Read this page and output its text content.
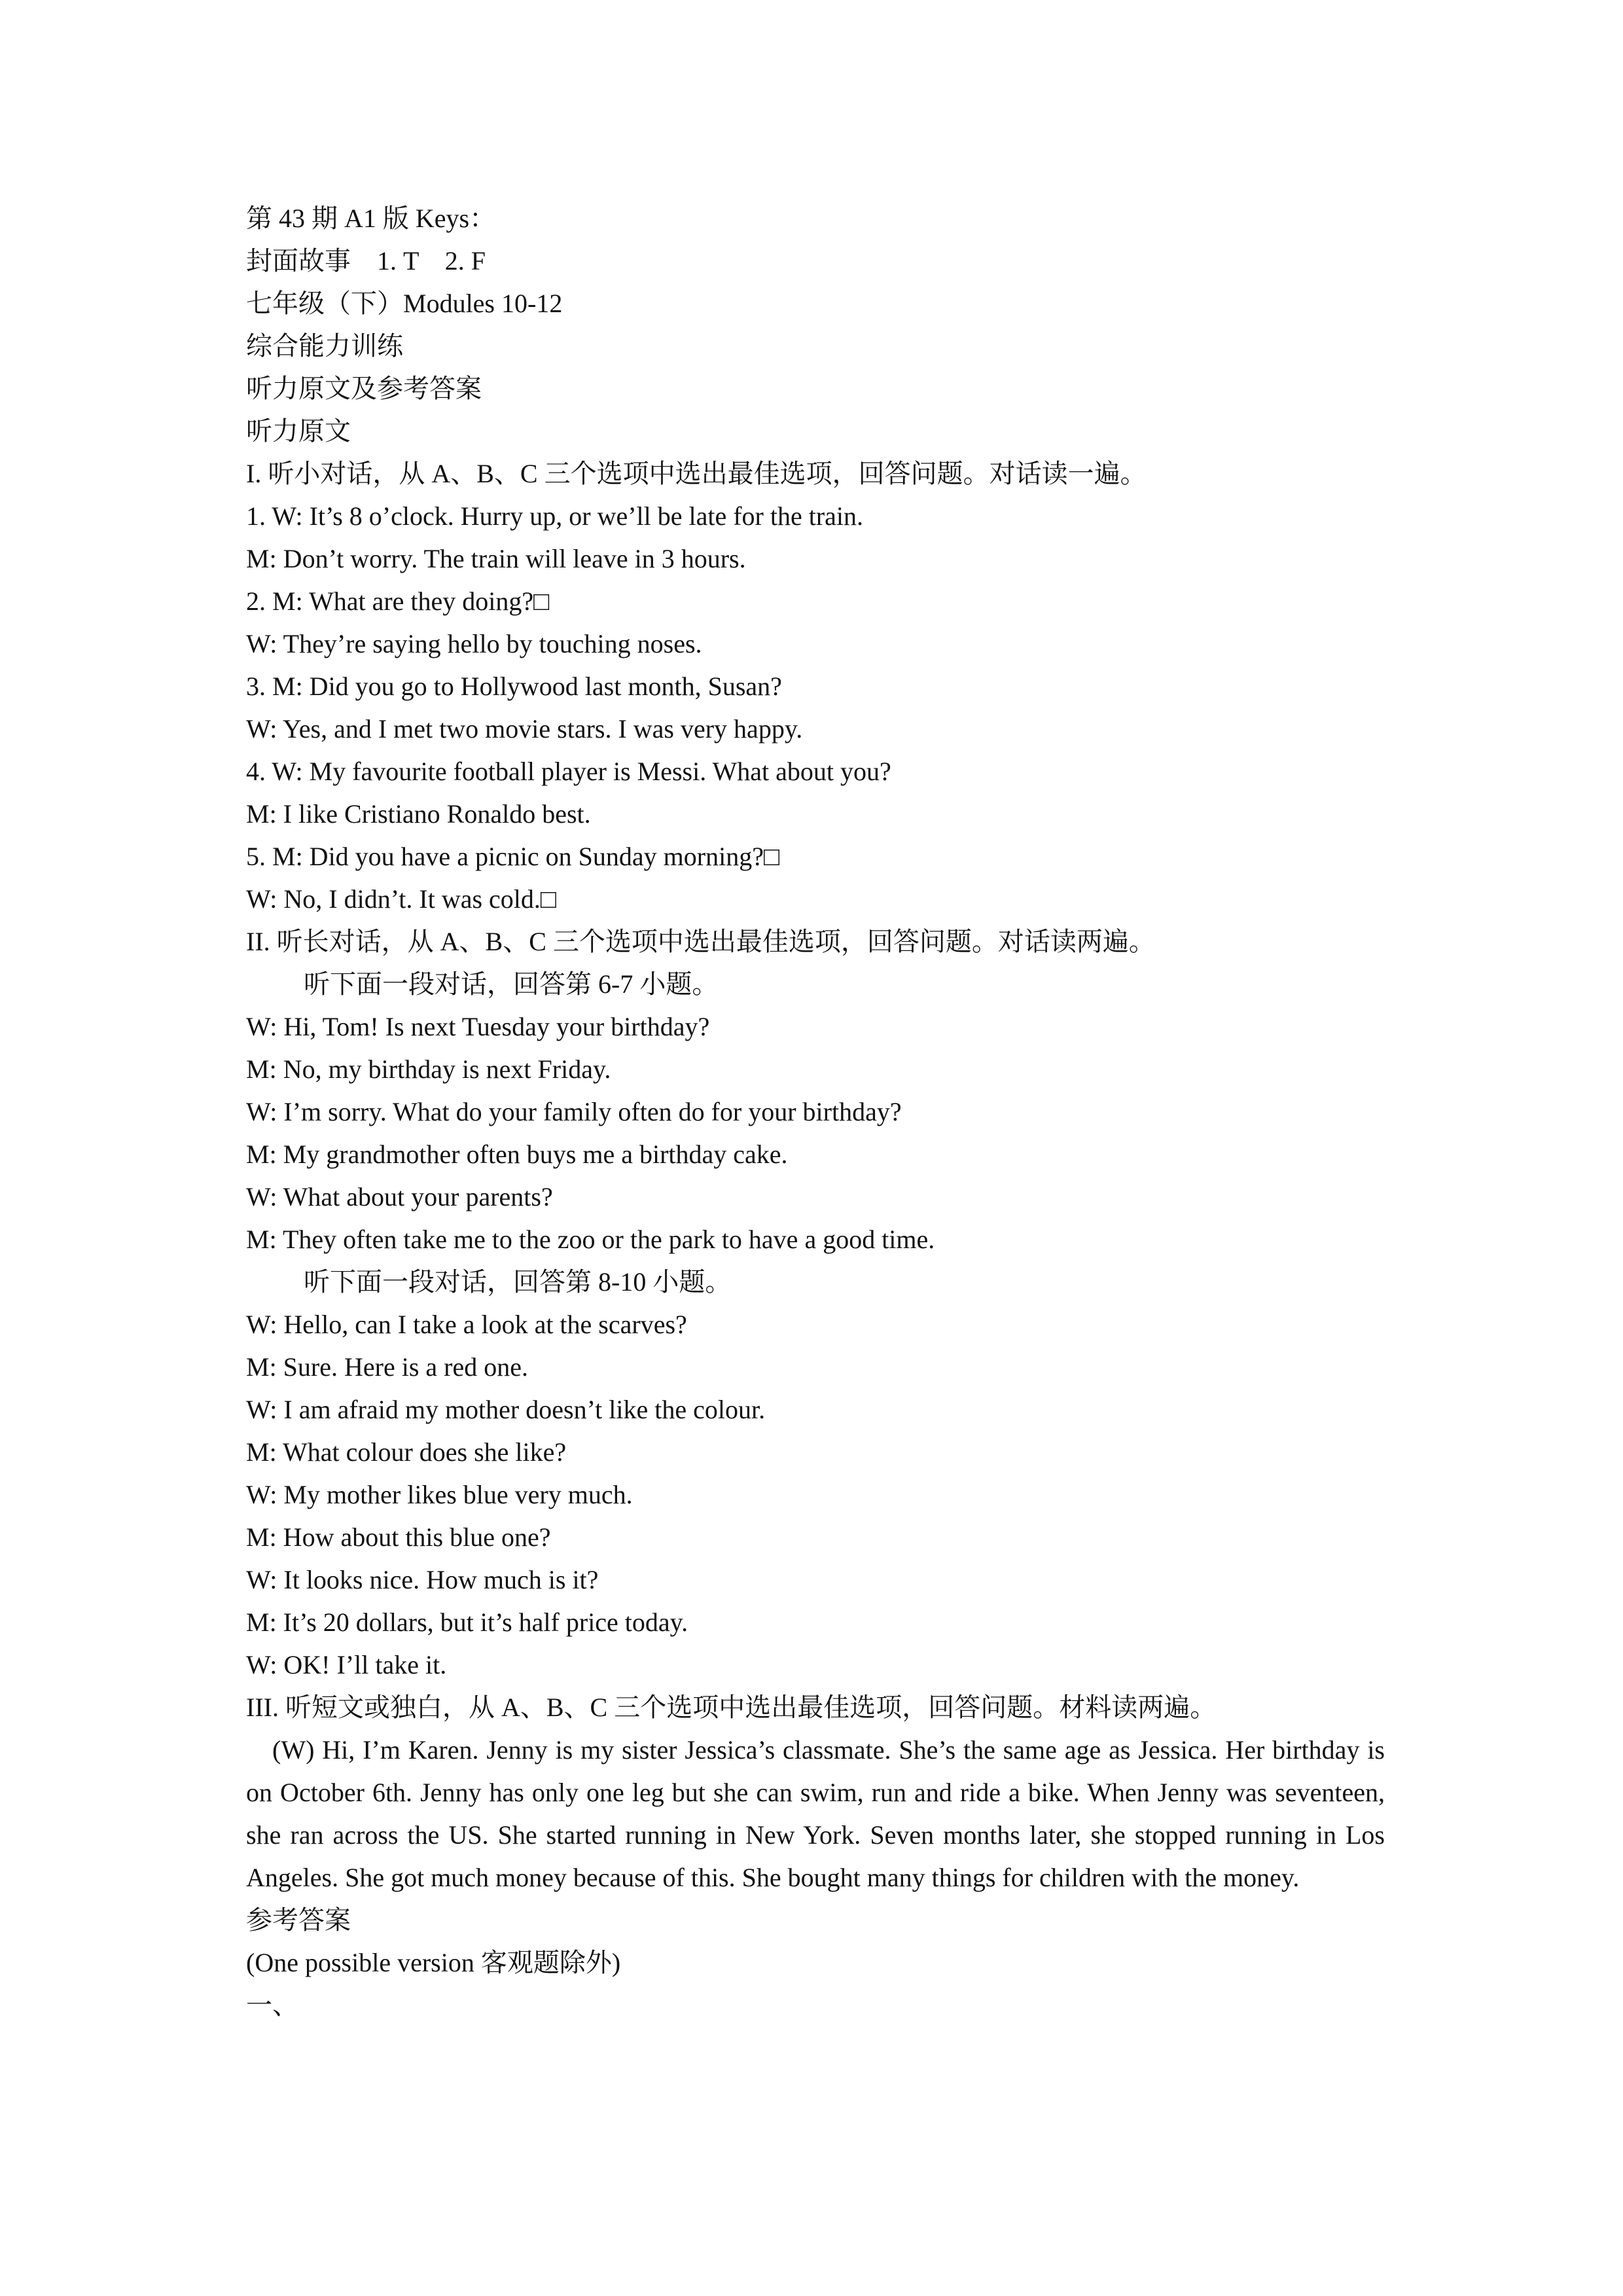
第 43 期 A1 版 Keys：
封面故事　1. T　2. F
七年级（下）Modules 10-12
综合能力训练
听力原文及参考答案
听力原文
I. 听小对话，从 A、B、C 三个选项中选出最佳选项，回答问题。对话读一遍。
1. W: It’s 8 o’clock. Hurry up, or we’ll be late for the train.
M: Don’t worry. The train will leave in 3 hours.
2. M: What are they doing?□
W: They’re saying hello by touching noses.
3. M: Did you go to Hollywood last month, Susan?
W: Yes, and I met two movie stars. I was very happy.
4. W: My favourite football player is Messi. What about you?
M: I like Cristiano Ronaldo best.
5. M: Did you have a picnic on Sunday morning?□
W: No, I didn’t. It was cold.□
II. 听长对话，从 A、B、C 三个选项中选出最佳选项，回答问题。对话读两遍。
听下面一段对话，回答第 6-7 小题。
W: Hi, Tom! Is next Tuesday your birthday?
M: No, my birthday is next Friday.
W: I’m sorry. What do your family often do for your birthday?
M: My grandmother often buys me a birthday cake.
W: What about your parents?
M: They often take me to the zoo or the park to have a good time.
听下面一段对话，回答第 8-10 小题。
W: Hello, can I take a look at the scarves?
M: Sure. Here is a red one.
W: I am afraid my mother doesn’t like the colour.
M: What colour does she like?
W: My mother likes blue very much.
M: How about this blue one?
W: It looks nice. How much is it?
M: It’s 20 dollars, but it’s half price today.
W: OK! I’ll take it.
III. 听短文或独白，从 A、B、C 三个选项中选出最佳选项，回答问题。材料读两遍。
(W) Hi, I’m Karen. Jenny is my sister Jessica’s classmate. She’s the same age as Jessica. Her birthday is on October 6th. Jenny has only one leg but she can swim, run and ride a bike. When Jenny was seventeen, she ran across the US. She started running in New York. Seven months later, she stopped running in Los Angeles. She got much money because of this. She bought many things for children with the money.
参考答案
(One possible version 客观题除外)
一、
